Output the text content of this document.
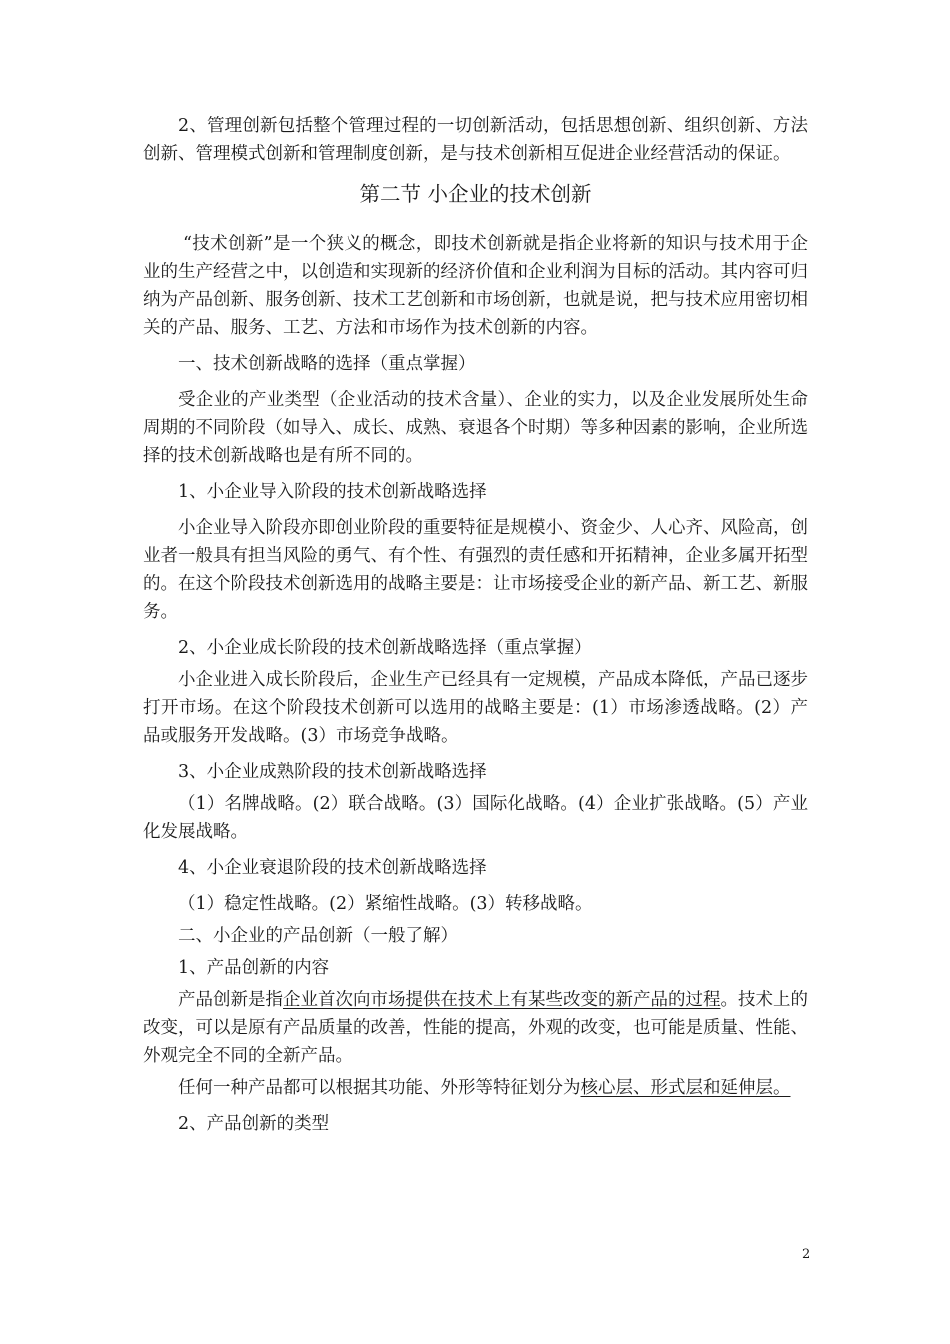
2、管理创新包括整个管理过程的一切创新活动，包括思想创新、组织创新、方法创新、管理模式创新和管理制度创新，是与技术创新相互促进企业经营活动的保证。

第二节 小企业的技术创新

“技术创新”是一个狭义的概念，即技术创新就是指企业将新的知识与技术用于企业的生产经营之中，以创造和实现新的经济价值和企业利润为目标的活动。其内容可归纳为产品创新、服务创新、技术工艺创新和市场创新，也就是说，把与技术应用密切相关的产品、服务、工艺、方法和市场作为技术创新的内容。

一、技术创新战略的选择（重点掌握）

受企业的产业类型（企业活动的技术含量）、企业的实力，以及企业发展所处生命周期的不同阶段（如导入、成长、成熟、衰退各个时期）等多种因素的影响，企业所选择的技术创新战略也是有所不同的。

1、小企业导入阶段的技术创新战略选择

小企业导入阶段亦即创业阶段的重要特征是规模小、资金少、人心齐、风险高，创业者一般具有担当风险的勇气、有个性、有强烈的责任感和开拓精神，企业多属开拓型的。在这个阶段技术创新选用的战略主要是：让市场接受企业的新产品、新工艺、新服务。

2、小企业成长阶段的技术创新战略选择（重点掌握）

小企业进入成长阶段后，企业生产已经具有一定规模，产品成本降低，产品已逐步打开市场。在这个阶段技术创新可以选用的战略主要是：(1）市场渗透战略。(2）产品或服务开发战略。(3）市场竞争战略。

3、小企业成熟阶段的技术创新战略选择

（1）名牌战略。(2）联合战略。(3）国际化战略。(4）企业扩张战略。(5）产业化发展战略。

4、小企业衰退阶段的技术创新战略选择

（1）稳定性战略。(2）紧缩性战略。(3）转移战略。

二、小企业的产品创新（一般了解）

1、产品创新的内容

产品创新是指企业首次向市场提供在技术上有某些改变的新产品的过程。技术上的改变，可以是原有产品质量的改善，性能的提高，外观的改变，也可能是质量、性能、外观完全不同的全新产品。

任何一种产品都可以根据其功能、外形等特征划分为核心层、形式层和延伸层。

2、产品创新的类型

2
